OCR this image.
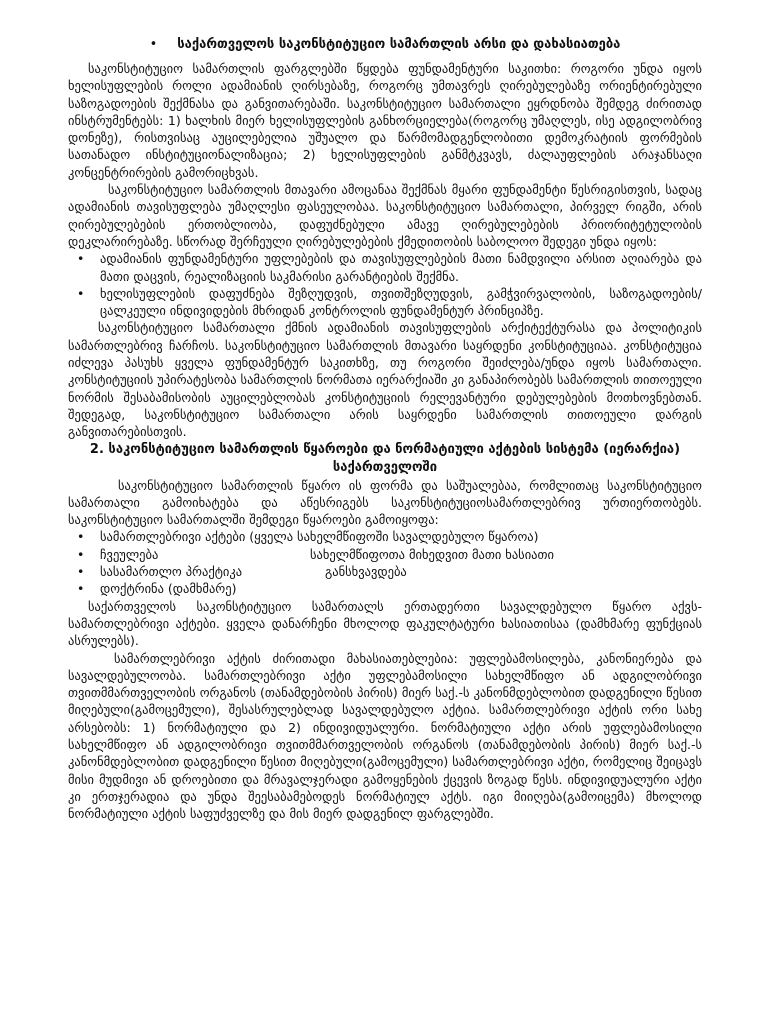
• საქართველოს საკონსტიტუციო სამართლის არსი და დახასიათება

საკონსტიტუციო სამართლის ფარგლებში წყდება ფუნდამენტური საკითხი: როგორი უნდა იყოს ხელისუფლების როლი ადამიანის ღირსებაზე, როგორც უმთავრეს ღირებულებაზე ორიენტირებული საზოგადოების შექმნასა და განვითარებაში. საკონსტიტუციო სამართალი ეყრდნობა შემდეგ ძირითად ინსტრუმენტებს: 1) ხალხის მიერ ხელისუფლების განხორციელება(როგორც უმაღლეს, ისე ადგილობრივ დონეზე), რისთვისაც აუცილებელია უშუალო და წარმომადგენლობითი დემოკრატიის ფორმების სათანადო ინსტიტუციონალიზაცია; 2) ხელისუფლების განმტკვავს, ძალაუფლების არაჯანსაღი კონცენტრირების გამორიცხვას.

საკონსტიტუციო სამართლის მთავარი ამოცანაა შექმნას მყარი ფუნდამენტი წესრიგისთვის, სადაც ადამიანის თავისუფლება უმაღლესი ფასეულობაა. საკონსტიტუციო სამართალი, პირველ რიგში, არის ღირებულებების ერთობლიობა, დაფუძნებული ამავე ღირებულებების პრიორიტეტულობის დეკლარირებაზე. სწორად შერჩეული ღირებულებების ქმედითობის საბოლოო შედეგი უნდა იყოს:

• ადამიანის ფუნდამენტური უფლებების და თავისუფლებების მათი ნამდვილი არსით აღიარება და მათი დაცვის, რეალიზაციის საკმარისი გარანტიების შექმნა.
• ხელისუფლების დაფუძნება შეზღუდვის, თვითშეზღუდვის, გამჭვირვალობის, საზოგადოების/ცალკეული ინდივიდების მხრიდან კონტროლის ფუნდამენტურ პრინციპზე.

საკონსტიტუციო სამართალი ქმნის ადამიანის თავისუფლების არქიტექტურასა და პოლიტიკის სამართლებრივ ჩარჩოს. საკონსტიტუციო სამართლის მთავარი საყრდენი კონსტიტუციაა. კონსტიტუცია იძლევა პასუხს ყველა ფუნდამენტურ საკითხზე, თუ როგორი შეიძლება/უნდა იყოს სამართალი. კონსტიტუციის უპირატესობა სამართლის ნორმათა იერარქიაში კი განაპირობებს სამართლის თითოეული ნორმის შესაბამისობის აუცილებლობას კონსტიტუციის რელევანტური დებულებების მოთხოვნებთან. შედეგად, საკონსტიტუციო სამართალი არის საყრდენი სამართლის თითოეული დარგის განვითარებისთვის.

2. საკონსტიტუციო სამართლის წყაროები და ნორმატიული აქტების სისტემა (იერარქია) საქართველოში

საკონსტიტუციო სამართლის წყარო ის ფორმა და საშუალებაა, რომლითაც საკონსტიტუციო სამართალი გამოიხატება და აწესრიგებს საკონსტიტუციოსამართლებრივ ურთიერთობებს. საკონსტიტუციო სამართალში შემდეგი წყაროები გამოიყოფა:

• სამართლებრივი აქტები (ყველა სახელმწიფოში სავალდებულო წყაროა)
• ჩვეულება	სახელმწიფოთა მიხედვით მათი ხასიათი
• სასამართლო პრაქტიკა	განსხვავდება
• დოქტრინა (დამხმარე)

საქართველოს საკონსტიტუციო სამართალს ერთადერთი სავალდებულო წყარო აქვს- სამართლებრივი აქტები. ყველა დანარჩენი მხოლოდ ფაკულტატური ხასიათისაა (დამხმარე ფუნქციას ასრულებს).

სამართლებრივი აქტის ძირითადი მახასიათებლებია: უფლებამოსილება, კანონიერება და სავალდებულოობა. სამართლებრივი აქტი უფლებამოსილი სახელმწიფო ან ადგილობრივი თვითმმართველობის ორგანოს (თანამდებობის პირის) მიერ საქ.-ს კანონმდებლობით დადგენილი წესით მიღებული(გამოცემული), შესასრულებლად სავალდებულო აქტია. სამართლებრივი აქტის ორი სახე არსებობს: 1) ნორმატიული და 2) ინდივიდუალური. ნორმატიული აქტი არის უფლებამოსილი სახელმწიფო ან ადგილობრივი თვითმმართველობის ორგანოს (თანამდებობის პირის) მიერ საქ.-ს კანონმდებლობით დადგენილი წესით მიღებული(გამოცემული) სამართლებრივი აქტი, რომელიც შეიცავს მისი მუდმივი ან დროებითი და მრავალჯერადი გამოყენების ქცევის ზოგად წესს. ინდივიდუალური აქტი კი ერთჯერადია და უნდა შეესაბამებოდეს ნორმატიულ აქტს. იგი მიიღება(გამოიცემა) მხოლოდ ნორმატიული აქტის საფუძველზე და მის მიერ დადგენილ ფარგლებში.
